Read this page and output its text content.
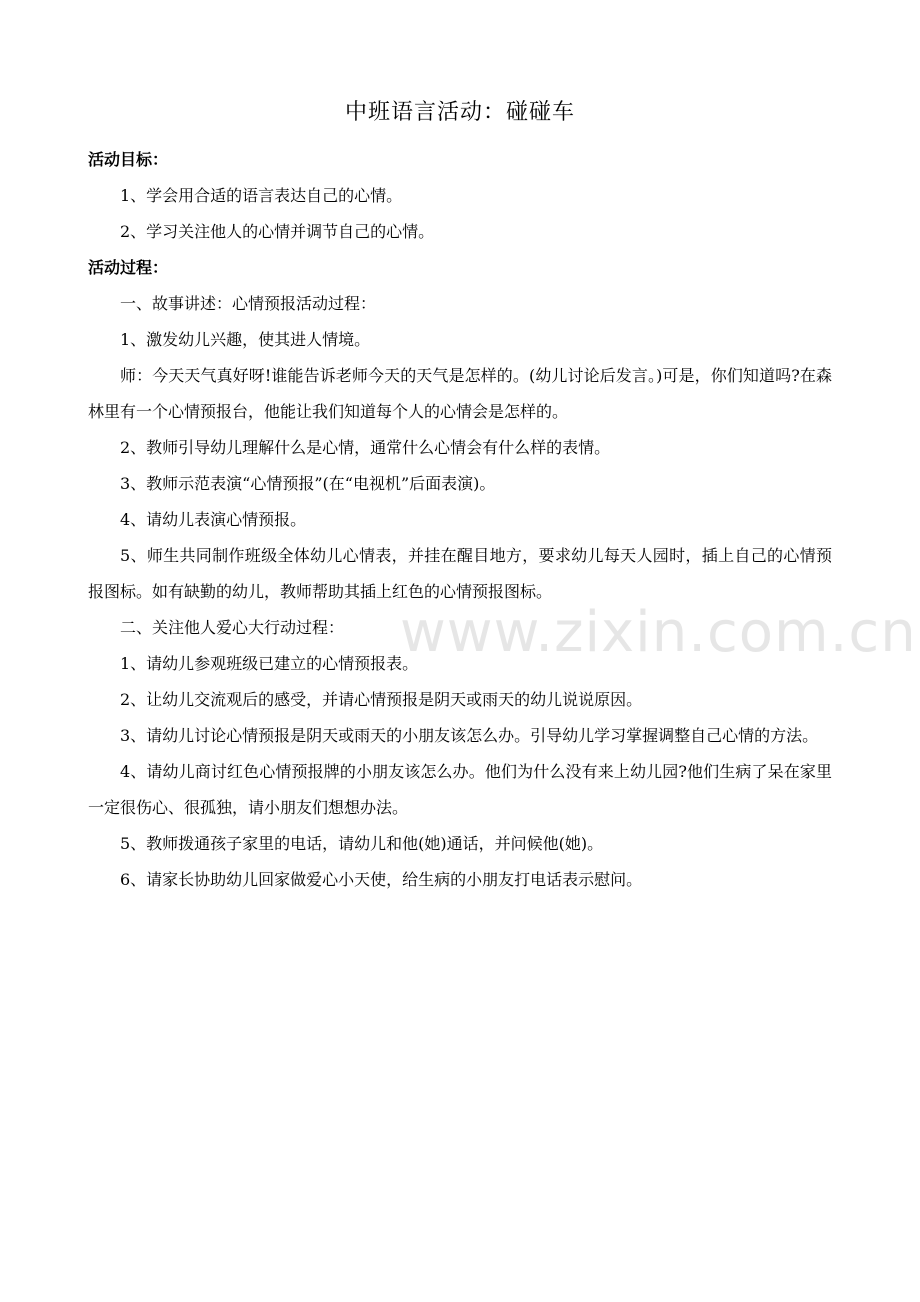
中班语言活动：碰碰车

活动目标：

1、学会用合适的语言表达自己的心情。

2、学习关注他人的心情并调节自己的心情。

活动过程：

一、故事讲述：心情预报活动过程：

1、激发幼儿兴趣，使其进人情境。

师：今天天气真好呀!谁能告诉老师今天的天气是怎样的。(幼儿讨论后发言。)可是，你们知道吗?在森林里有一个心情预报台，他能让我们知道每个人的心情会是怎样的。

2、教师引导幼儿理解什么是心情，通常什么心情会有什么样的表情。

3、教师示范表演“心情预报”(在“电视机”后面表演)。

4、请幼儿表演心情预报。

5、师生共同制作班级全体幼儿心情表，并挂在醒目地方，要求幼儿每天人园时，插上自己的心情预报图标。如有缺勤的幼儿，教师帮助其插上红色的心情预报图标。

二、关注他人爱心大行动过程：

1、请幼儿参观班级已建立的心情预报表。

2、让幼儿交流观后的感受，并请心情预报是阴天或雨天的幼儿说说原因。

3、请幼儿讨论心情预报是阴天或雨天的小朋友该怎么办。引导幼儿学习掌握调整自己心情的方法。

4、请幼儿商讨红色心情预报牌的小朋友该怎么办。他们为什么没有来上幼儿园?他们生病了呆在家里一定很伤心、很孤独，请小朋友们想想办法。

5、教师拨通孩子家里的电话，请幼儿和他(她)通话，并问候他(她)。

6、请家长协助幼儿回家做爱心小天使，给生病的小朋友打电话表示慰问。

www.zixin.com.cn
